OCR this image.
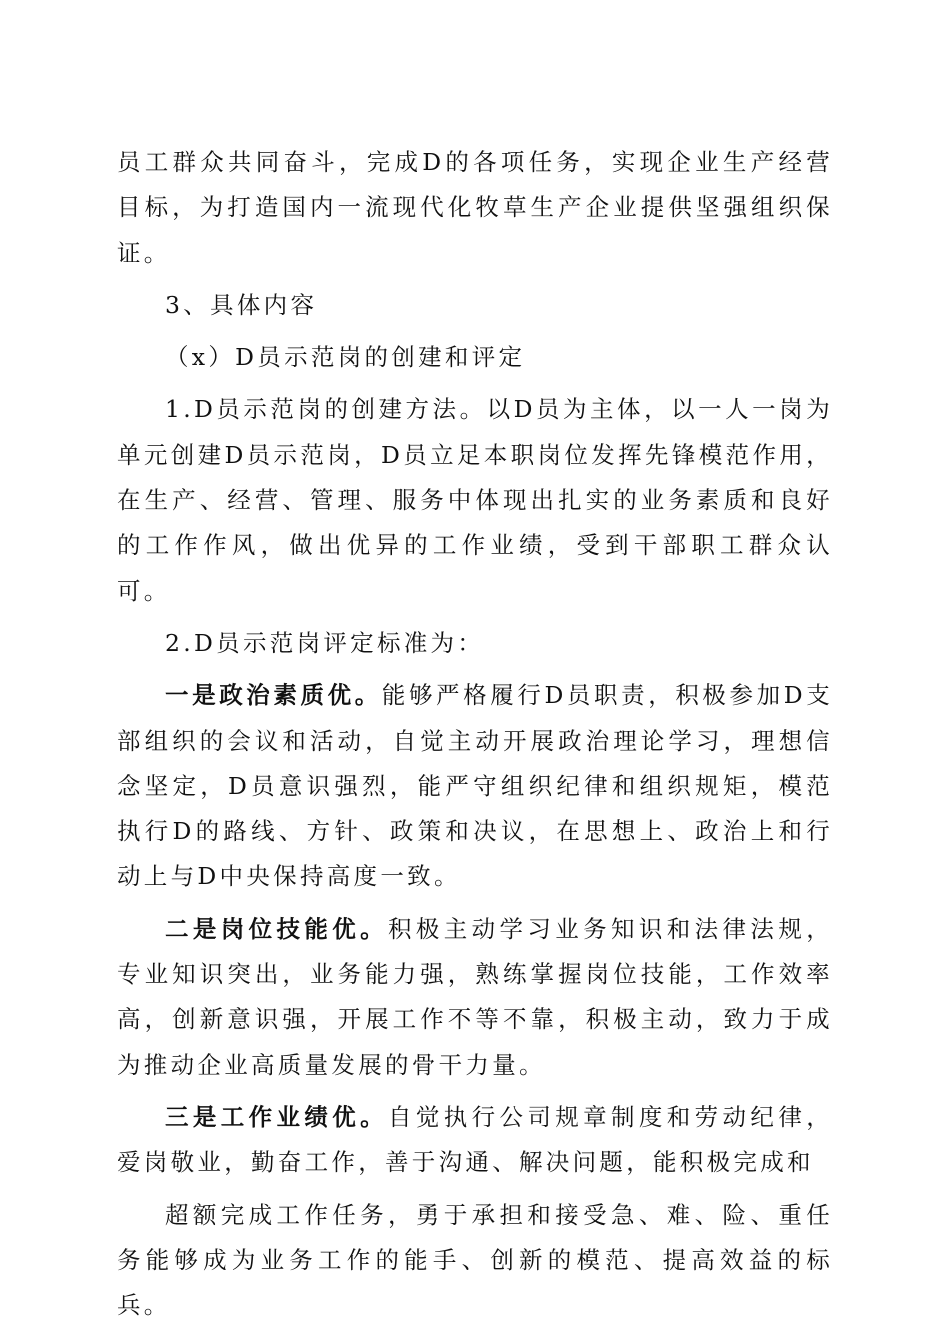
员工群众共同奋斗，完成D的各项任务，实现企业生产经营目标，为打造国内一流现代化牧草生产企业提供坚强组织保证。

3、具体内容

（x）D员示范岗的创建和评定

1.D员示范岗的创建方法。以D员为主体，以一人一岗为单元创建D员示范岗，D员立足本职岗位发挥先锋模范作用，在生产、经营、管理、服务中体现出扎实的业务素质和良好的工作作风，做出优异的工作业绩，受到干部职工群众认可。

2.D员示范岗评定标准为：

一是政治素质优。能够严格履行D员职责，积极参加D支部组织的会议和活动，自觉主动开展政治理论学习，理想信念坚定，D员意识强烈，能严守组织纪律和组织规矩，模范执行D的路线、方针、政策和决议，在思想上、政治上和行动上与D中央保持高度一致。

二是岗位技能优。积极主动学习业务知识和法律法规，专业知识突出，业务能力强，熟练掌握岗位技能，工作效率高，创新意识强，开展工作不等不靠，积极主动，致力于成为推动企业高质量发展的骨干力量。

三是工作业绩优。自觉执行公司规章制度和劳动纪律，爱岗敬业，勤奋工作，善于沟通、解决问题，能积极完成和

超额完成工作任务，勇于承担和接受急、难、险、重任务能够成为业务工作的能手、创新的模范、提高效益的标兵。
